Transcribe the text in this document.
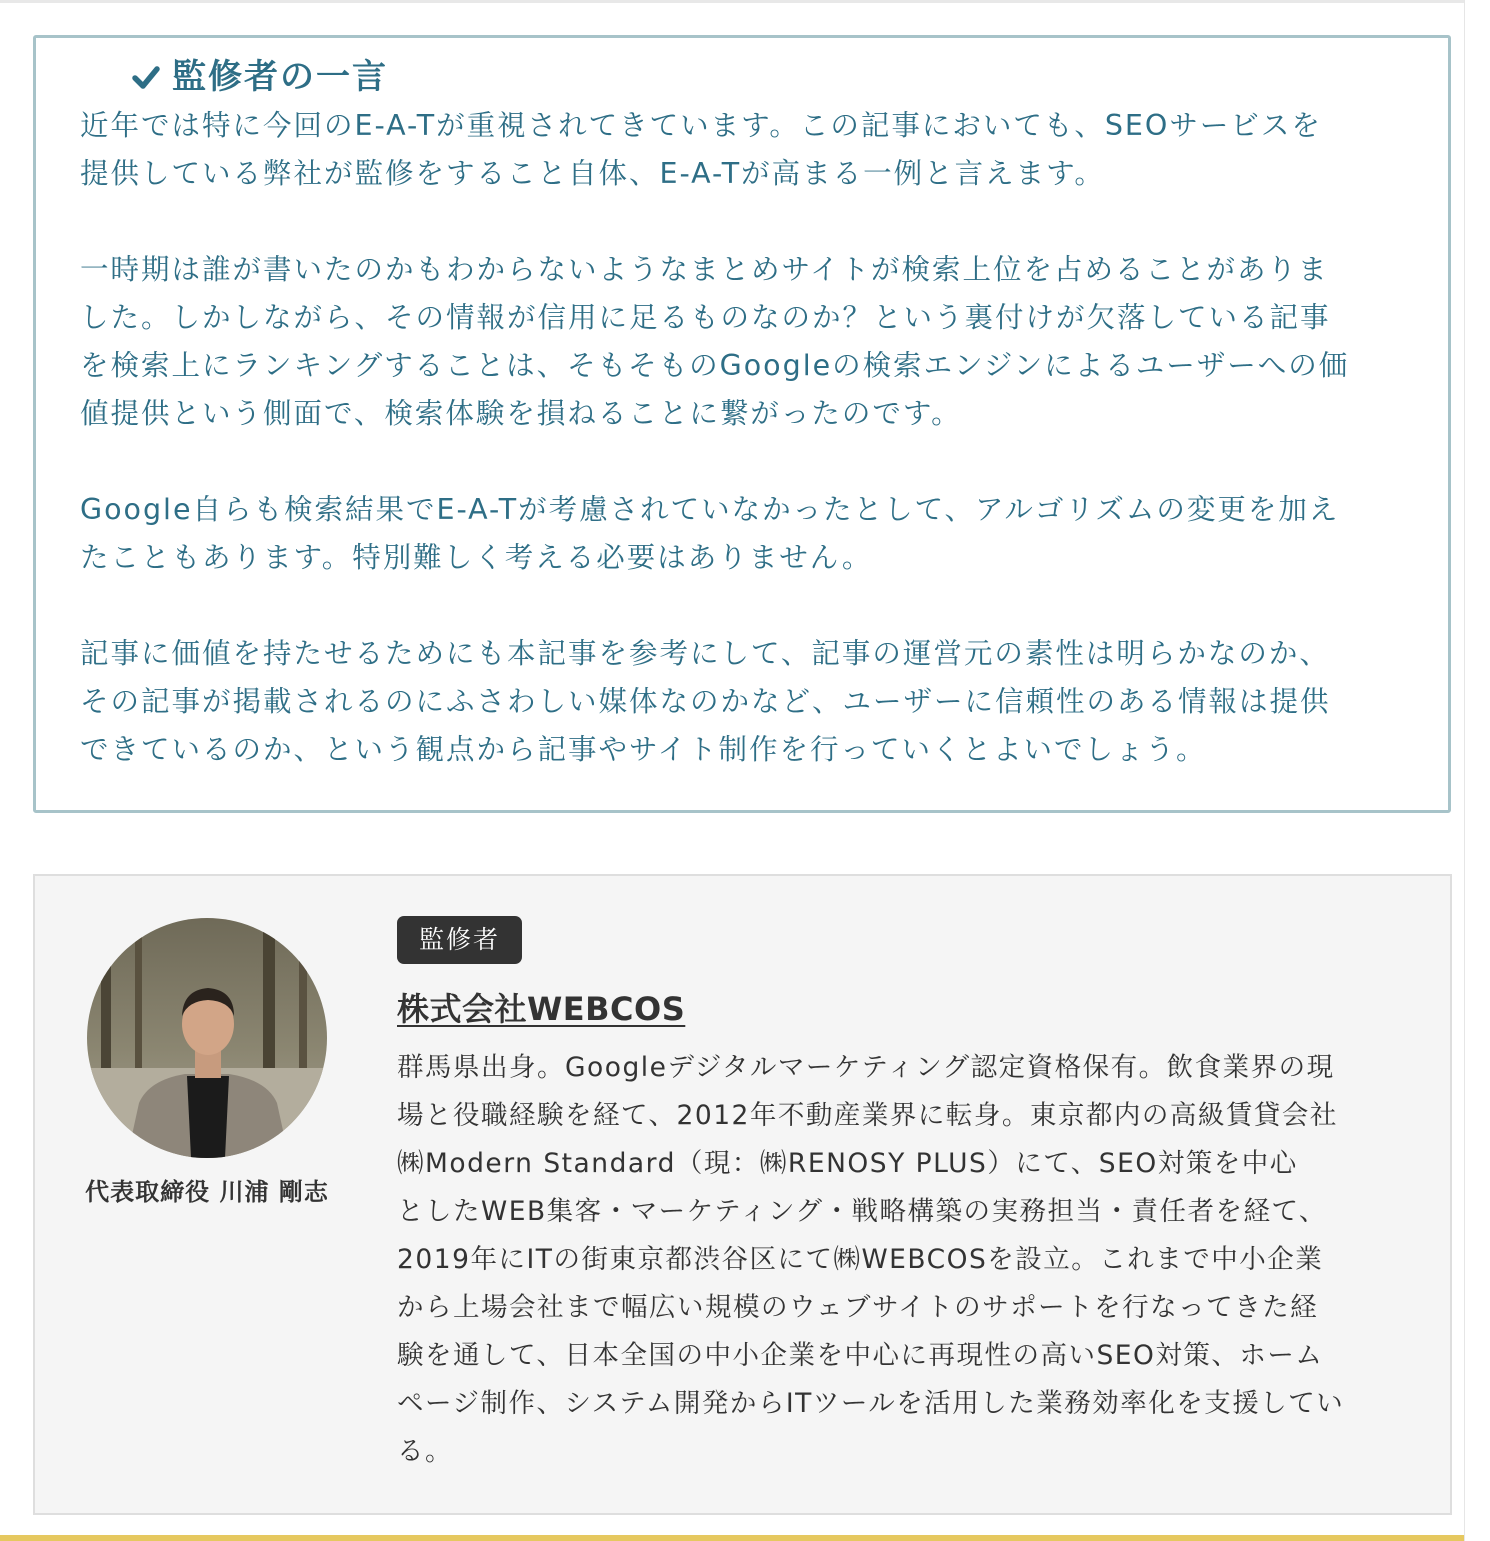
監修者の一言

近年では特に今回のE-A-Tが重視されてきています。この記事においても、SEOサービスを
提供している弊社が監修をすること自体、E-A-Tが高まる一例と言えます。

一時期は誰が書いたのかもわからないようなまとめサイトが検索上位を占めることがありま
した。しかしながら、その情報が信用に足るものなのか？という裏付けが欠落している記事
を検索上にランキングすることは、そもそものGoogleの検索エンジンによるユーザーへの価
値提供という側面で、検索体験を損ねることに繋がったのです。

Google自らも検索結果でE-A-Tが考慮されていなかったとして、アルゴリズムの変更を加え
たこともあります。特別難しく考える必要はありません。

記事に価値を持たせるためにも本記事を参考にして、記事の運営元の素性は明らかなのか、
その記事が掲載されるのにふさわしい媒体なのかなど、ユーザーに信頼性のある情報は提供
できているのか、という観点から記事やサイト制作を行っていくとよいでしょう。

代表取締役 川浦 剛志
監修者
株式会社WEBCOS

群馬県出身。Googleデジタルマーケティング認定資格保有。飲食業界の現
場と役職経験を経て、2012年不動産業界に転身。東京都内の高級賃貸会社
㈱Modern Standard（現：㈱RENOSY PLUS）にて、SEO対策を中心
としたWEB集客・マーケティング・戦略構築の実務担当・責任者を経て、
2019年にITの街東京都渋谷区にて㈱WEBCOSを設立。これまで中小企業
から上場会社まで幅広い規模のウェブサイトのサポートを行なってきた経
験を通して、日本全国の中小企業を中心に再現性の高いSEO対策、ホーム
ページ制作、システム開発からITツールを活用した業務効率化を支援してい
る。
